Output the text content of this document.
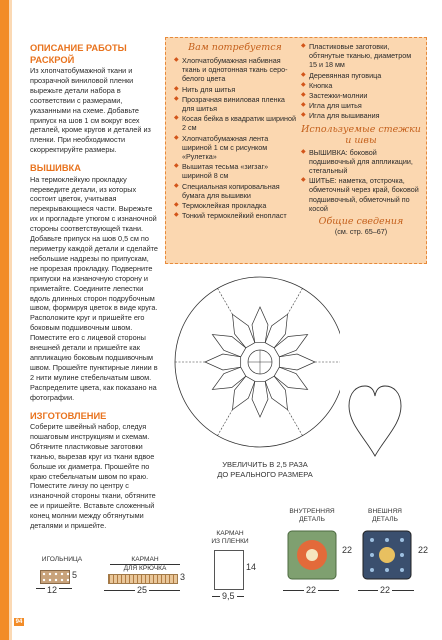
ОПИСАНИЕ РАБОТЫ
РАСКРОЙ
Из хлопчатобумажной ткани и прозрачной виниловой пленки вырежьте детали набора в соответствии с размерами, указанными на схеме. Добавьте припуск на шов 1 см вокруг всех деталей, кроме кругов и деталей из пленки. При необходимости скорректируйте размеры.
ВЫШИВКА
На термоклейкую прокладку переведите детали, из которых состоит цветок, учитывая перекрывающиеся части. Вырежьте их и прогладьте утюгом с изнаночной стороны соответствующей ткани. Добавьте припуск на шов 0,5 см по периметру каждой детали и сделайте небольшие надрезы по припускам, не прорезая прокладку. Подверните припуски на изнаночную сторону и приметайте. Соедините лепестки вдоль длинных сторон подрубочным швом, формируя цветок в виде круга. Расположите круг и пришейте его боковым подшивочным швом. Поместите его с лицевой стороны внешней детали и пришейте как аппликацию боковым подшивочным швом. Прошейте пунктирные линии в 2 нити мулине стебельчатым швом. Распределите цвета, как показано на фотографии.
ИЗГОТОВЛЕНИЕ
Соберите швейный набор, следуя пошаговым инструкциям и схемам. Обтяните пластиковые заготовки тканью, вырезав круг из ткани вдвое больше их диаметра. Прошейте по краю стебельчатым швом по краю. Поместите линзу по центру с изнаночной стороны ткани, обтяните ее и пришейте. Вставьте сложенный конец молнии между обтянутыми деталями и пришейте.
Вам потребуется
◆ Хлопчатобумажная набивная ткань и однотонная ткань серо-белого цвета
◆ Нить для шитья
◆ Прозрачная виниловая пленка для шитья
◆ Косая бейка в квадратик шириной 2 см
◆ Хлопчатобумажная лента шириной 1 см с рисунком «Рулетка»
◆ Вышитая тесьма «зигзаг» шириной 8 см
◆ Специальная копировальная бумага для вышивки
◆ Термоклейкая прокладка
◆ Тонкий термоклейкий енопласт
◆ Пластиковые заготовки, обтянутые тканью, диаметром 15 и 18 мм
◆ Деревянная пуговица
◆ Кнопка
◆ Застежки-молнии
◆ Игла для шитья
◆ Игла для вышивания
Используемые стежки и швы
◆ ВЫШИВКА: боковой подшивочный для аппликации, стегальный
◆ ШИТЬЕ: наметка, отстрочка, обметочный через край, боковой подшивочный, обметочный по косой
Общие сведения
(см. стр. 65–67)
УВЕЛИЧИТЬ В 2,5 РАЗА
ДО РЕАЛЬНОГО РАЗМЕРА
ИГОЛЬНИЦА
5
12
КАРМАН
ДЛЯ КРЮЧКА
3
25
КАРМАН
ИЗ ПЛЕНКИ
14
9,5
ВНУТРЕННЯЯ
ДЕТАЛЬ
22
22
ВНЕШНЯЯ
ДЕТАЛЬ
22
22
94
